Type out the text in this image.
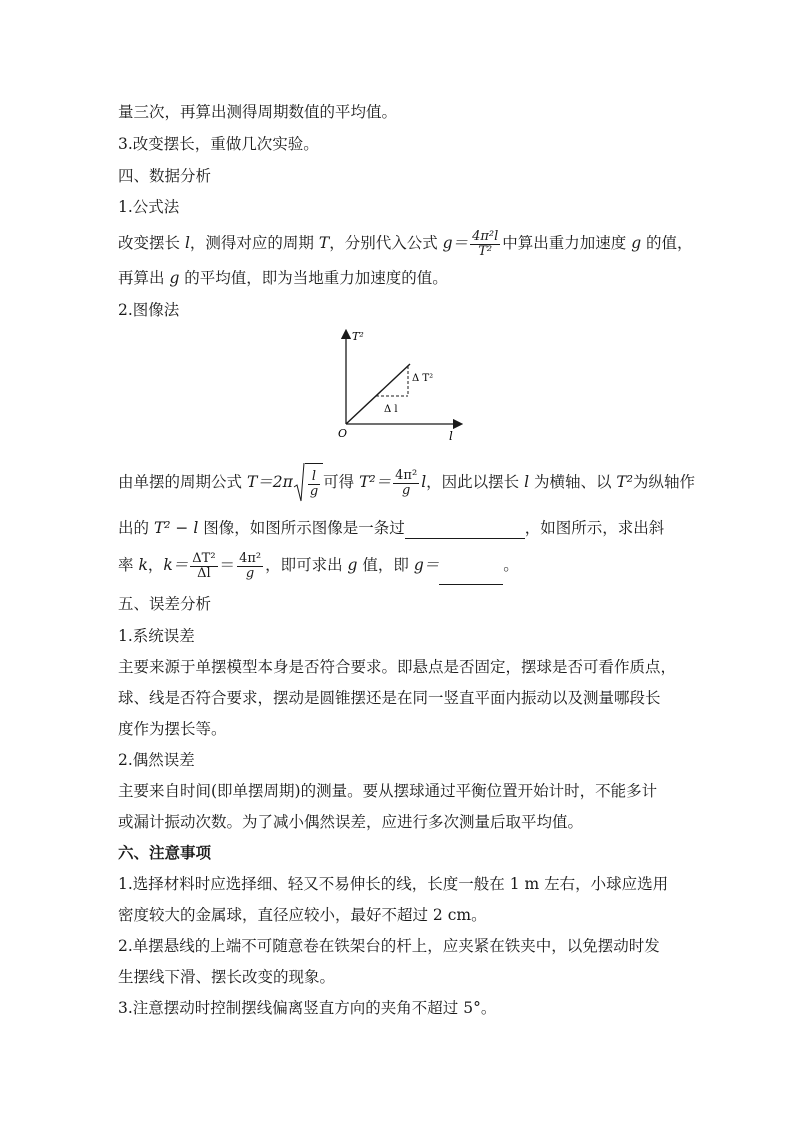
量三次，再算出测得周期数值的平均值。
3.改变摆长，重做几次实验。
四、数据分析
1.公式法
改变摆长 l，测得对应的周期 T，分别代入公式 $g= \frac{\text{4π²l}}{\text{T²}}$ 中算出重力加速度 g 的值，
再算出 g 的平均值，即为当地重力加速度的值。
2.图像法
T²
l
O
Δ T²
Δ l
由单摆的周期公式 $T=2\pi \frac{l}{g}$ 可得 $T^2= \frac{\text{4π²}}{g}$ l，因此以摆长 l 为横轴、以 T²为纵轴作
出的 T² − l 图像，如图所示图像是一条过	，如图所示，求出斜
率 k，$k= \frac{\text{ΔT²}}{\Delta l} = \frac{\text{4π²}}{g}$ ，即可求出 g 值，即 g＝	。
五、误差分析
1.系统误差
主要来源于单摆模型本身是否符合要求。即悬点是否固定，摆球是否可看作质点，
球、线是否符合要求，摆动是圆锥摆还是在同一竖直平面内振动以及测量哪段长
度作为摆长等。
2.偶然误差
主要来自时间(即单摆周期)的测量。要从摆球通过平衡位置开始计时，不能多计
或漏计振动次数。为了减小偶然误差，应进行多次测量后取平均值。
六、注意事项
1.选择材料时应选择细、轻又不易伸长的线，长度一般在 1 m 左右，小球应选用
密度较大的金属球，直径应较小，最好不超过 2 cm。
2.单摆悬线的上端不可随意卷在铁架台的杆上，应夹紧在铁夹中，以免摆动时发
生摆线下滑、摆长改变的现象。
3.注意摆动时控制摆线偏离竖直方向的夹角不超过 5°。
